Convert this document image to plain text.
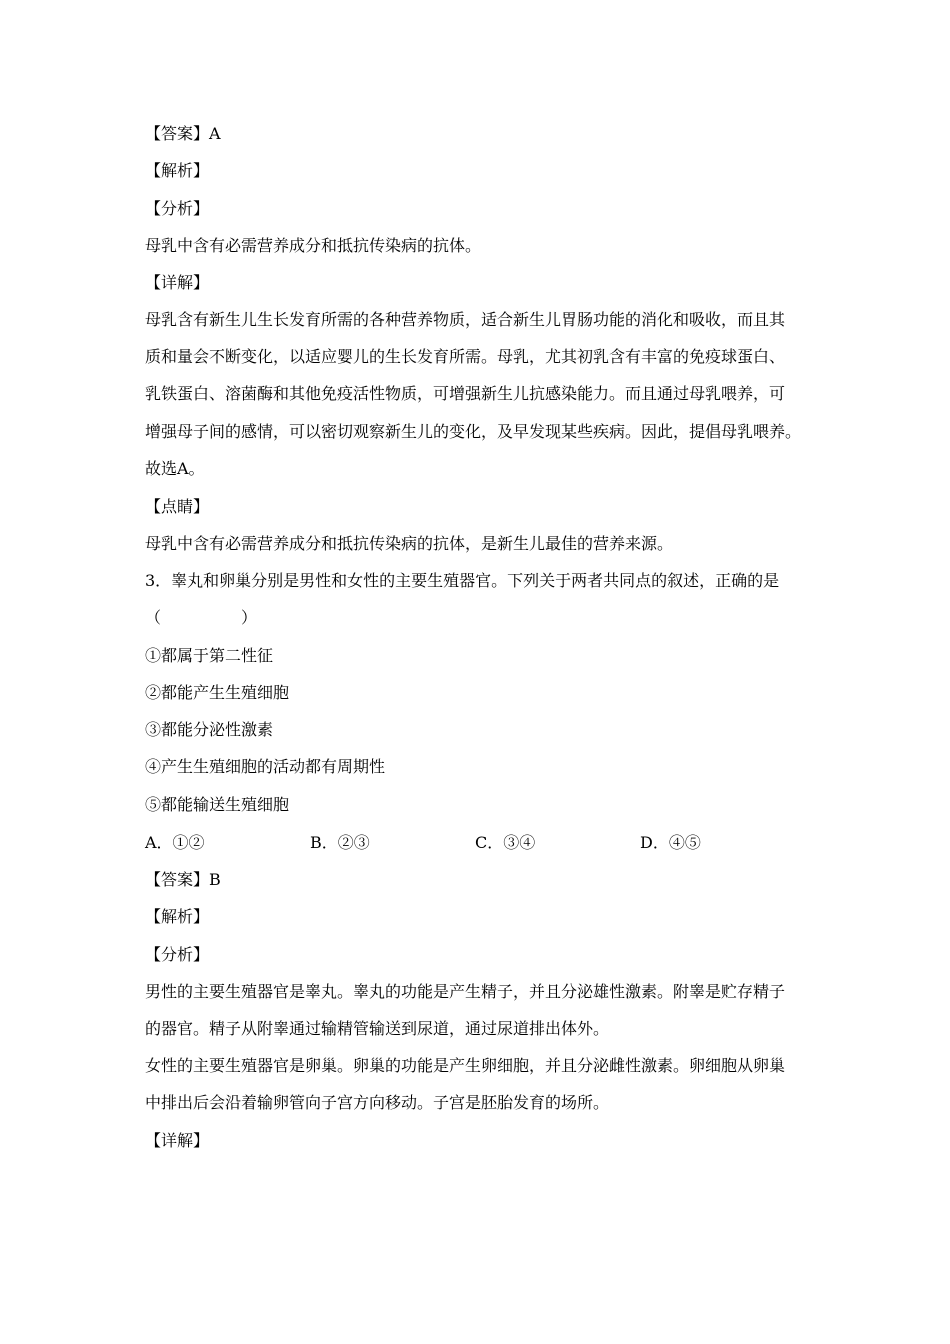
【答案】A
【解析】
【分析】
母乳中含有必需营养成分和抵抗传染病的抗体。
【详解】
母乳含有新生儿生长发育所需的各种营养物质，适合新生儿胃肠功能的消化和吸收，而且其
质和量会不断变化，以适应婴儿的生长发育所需。母乳，尤其初乳含有丰富的免疫球蛋白、
乳铁蛋白、溶菌酶和其他免疫活性物质，可增强新生儿抗感染能力。而且通过母乳喂养，可
增强母子间的感情，可以密切观察新生儿的变化，及早发现某些疾病。因此，提倡母乳喂养。
故选A。
【点睛】
母乳中含有必需营养成分和抵抗传染病的抗体，是新生儿最佳的营养来源。
3．睾丸和卵巢分别是男性和女性的主要生殖器官。下列关于两者共同点的叙述，正确的是
（　　　　　）
①都属于第二性征
②都能产生生殖细胞
③都能分泌性激素
④产生生殖细胞的活动都有周期性
⑤都能输送生殖细胞
A．①②	B．②③	C．③④	D．④⑤
【答案】B
【解析】
【分析】
男性的主要生殖器官是睾丸。睾丸的功能是产生精子，并且分泌雄性激素。附睾是贮存精子
的器官。精子从附睾通过输精管输送到尿道，通过尿道排出体外。
女性的主要生殖器官是卵巢。卵巢的功能是产生卵细胞，并且分泌雌性激素。卵细胞从卵巢
中排出后会沿着输卵管向子宫方向移动。子宫是胚胎发育的场所。
【详解】
